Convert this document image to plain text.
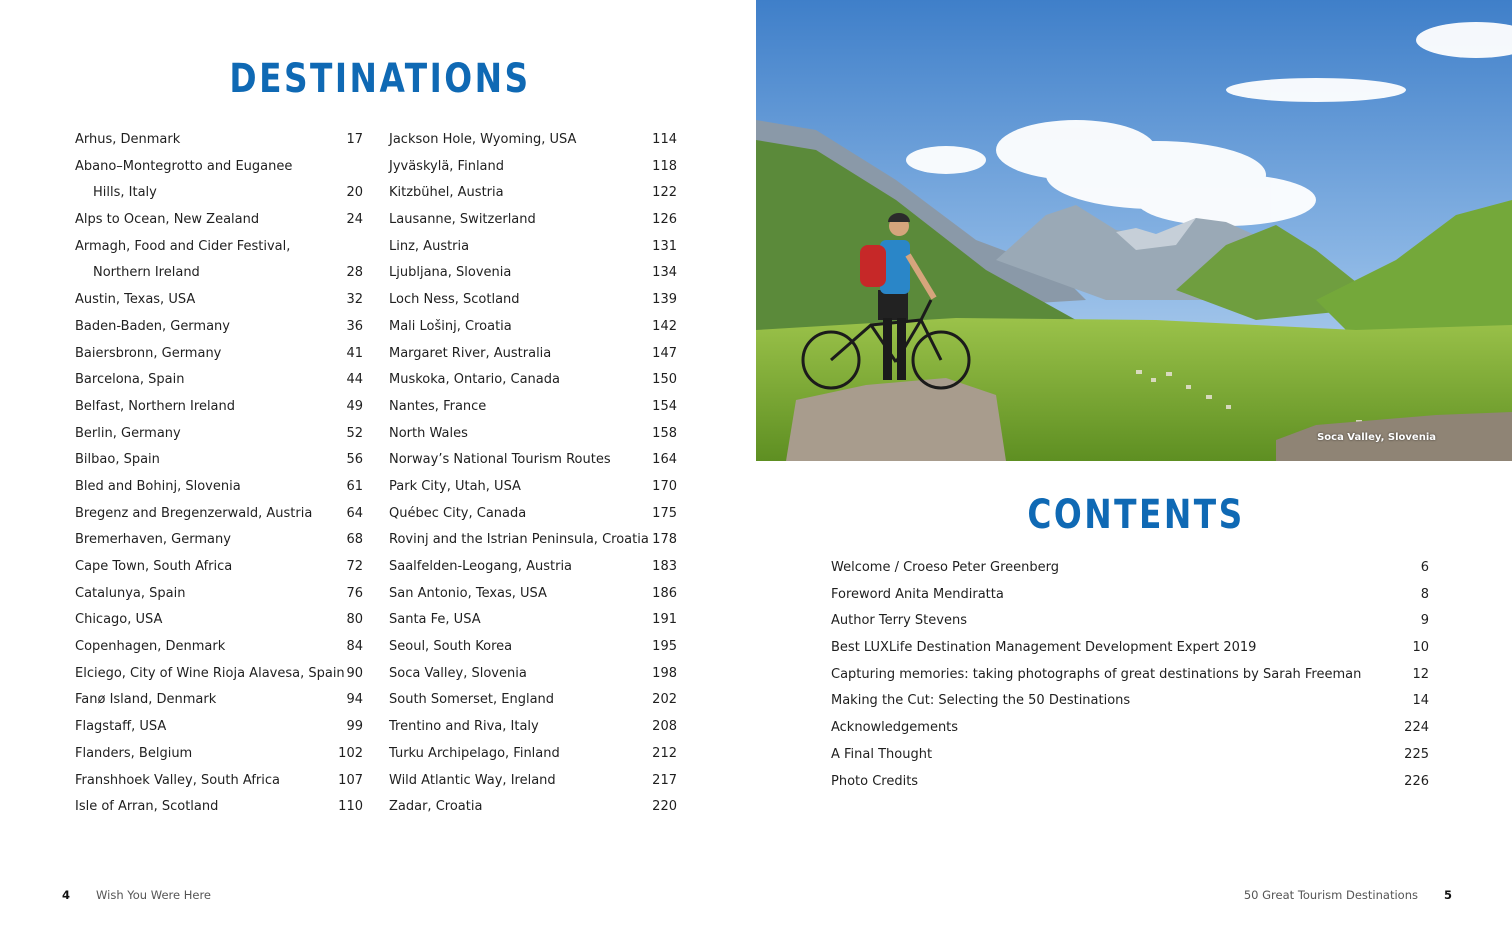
DESTINATIONS
Arhus, Denmark	17
Abano–Montegrotto and Euganee
Hills, Italy	20
Alps to Ocean, New Zealand	24
Armagh, Food and Cider Festival,
Northern Ireland	28
Austin, Texas, USA	32
Baden-Baden, Germany	36
Baiersbronn, Germany	41
Barcelona, Spain	44
Belfast, Northern Ireland	49
Berlin, Germany	52
Bilbao, Spain	56
Bled and Bohinj, Slovenia	61
Bregenz and Bregenzerwald, Austria	64
Bremerhaven, Germany	68
Cape Town, South Africa	72
Catalunya, Spain	76
Chicago, USA	80
Copenhagen, Denmark	84
Elciego, City of Wine Rioja Alavesa, Spain 90
Fanø Island, Denmark	94
Flagstaff, USA	99
Flanders, Belgium	102
Franshhoek Valley, South Africa	107
Isle of Arran, Scotland	110
Jackson Hole, Wyoming, USA	114
Jyväskylä, Finland	118
Kitzbühel, Austria	122
Lausanne, Switzerland	126
Linz, Austria	131
Ljubljana, Slovenia	134
Loch Ness, Scotland	139
Mali Lošinj, Croatia	142
Margaret River, Australia	147
Muskoka, Ontario, Canada	150
Nantes, France	154
North Wales	158
Norway’s National Tourism Routes	164
Park City, Utah, USA	170
Québec City, Canada	175
Rovinj and the Istrian Peninsula, Croatia 178
Saalfelden-Leogang, Austria	183
San Antonio, Texas, USA	186
Santa Fe, USA	191
Seoul, South Korea	195
Soca Valley, Slovenia	198
South Somerset, England	202
Trentino and Riva, Italy	208
Turku Archipelago, Finland	212
Wild Atlantic Way, Ireland	217
Zadar, Croatia	220
4 Wish You Were Here
Soca Valley, Slovenia
CONTENTS
Welcome / Croeso Peter Greenberg	6
Foreword Anita Mendiratta	8
Author Terry Stevens	9
Best LUXLife Destination Management Development Expert 2019	10
Capturing memories: taking photographs of great destinations by Sarah Freeman	12
Making the Cut: Selecting the 50 Destinations	14
Acknowledgements	224
A Final Thought	225
Photo Credits	226
50 Great Tourism Destinations 5
